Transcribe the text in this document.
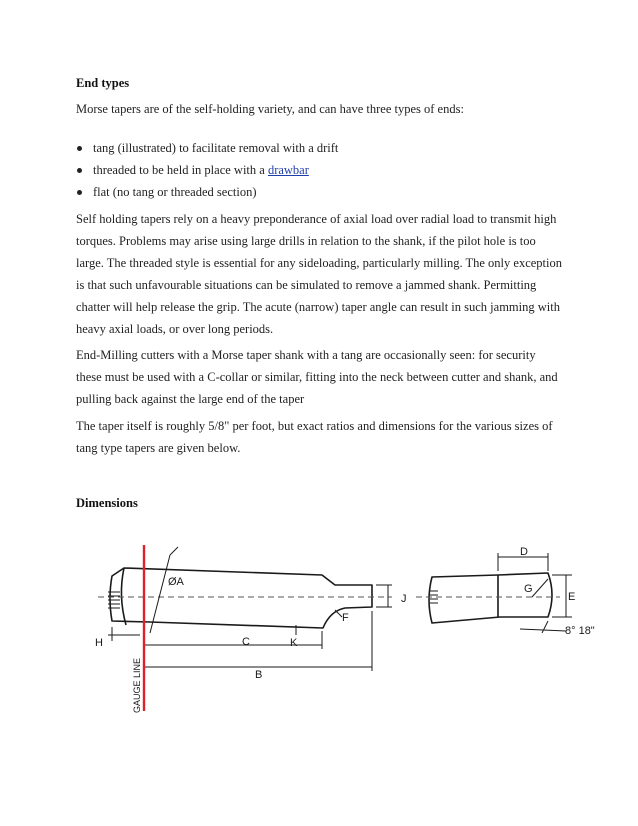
End types

Morse tapers are of the self-holding variety, and can have three types of ends:

tang (illustrated) to facilitate removal with a drift
threaded to be held in place with a drawbar
flat (no tang or threaded section)

Self holding tapers rely on a heavy preponderance of axial load over radial load to transmit high
torques. Problems may arise using large drills in relation to the shank, if the pilot hole is too
large. The threaded style is essential for any sideloading, particularly milling. The only exception
is that such unfavourable situations can be simulated to remove a jammed shank. Permitting
chatter will help release the grip. The acute (narrow) taper angle can result in such jamming with
heavy axial loads, or over long periods.

End-Milling cutters with a Morse taper shank with a tang are occasionally seen: for security
these must be used with a C-collar or similar, fitting into the neck between cutter and shank, and
pulling back against the large end of the taper

The taper itself is roughly 5/8" per foot, but exact ratios and dimensions for the various sizes of
tang type tapers are given below.

Dimensions
ØA
H	C	K
B
F
J
D
G
E
8° 18"
GAUGE LINE
